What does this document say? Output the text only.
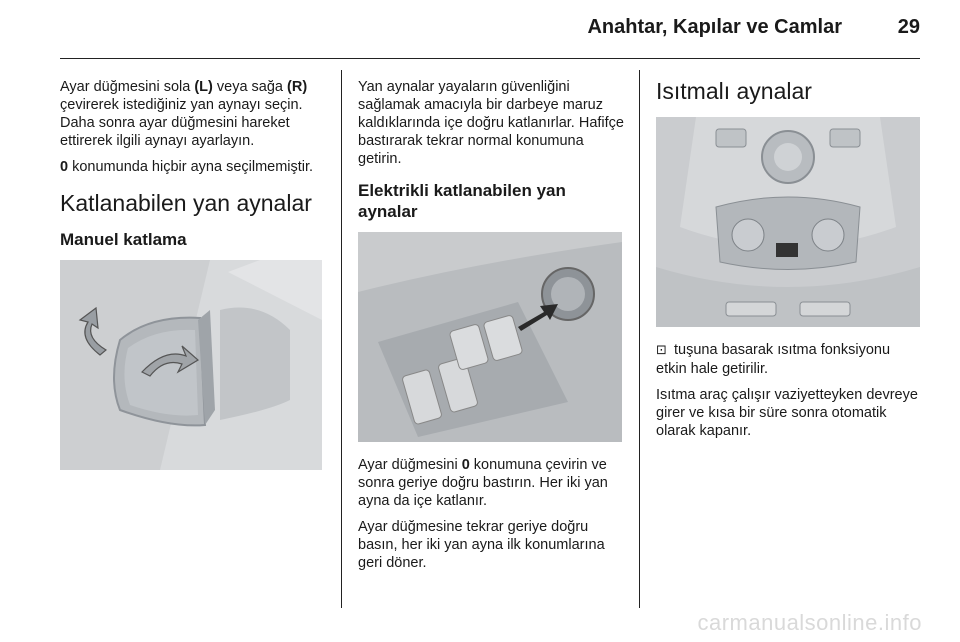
Anahtar, Kapılar ve Camlar	29

Ayar düğmesini sola (L) veya sağa (R) çevirerek istediğiniz yan aynayı seçin. Daha sonra ayar düğmesini hareket ettirerek ilgili aynayı ayarlayın.

0 konumunda hiçbir ayna seçilmemiştir.

Katlanabilen yan aynalar
Manuel katlama

Yan aynalar yayaların güvenliğini sağlamak amacıyla bir darbeye maruz kaldıklarında içe doğru katlanırlar. Hafifçe bastırarak tekrar normal konumuna getirin.

Elektrikli katlanabilen yan aynalar

Ayar düğmesini 0 konumuna çevirin ve sonra geriye doğru bastırın. Her iki yan ayna da içe katlanır.

Ayar düğmesine tekrar geriye doğru basın, her iki yan ayna ilk konumlarına geri döner.

Isıtmalı aynalar

⊡ tuşuna basarak ısıtma fonksiyonu etkin hale getirilir.

Isıtma araç çalışır vaziyetteyken devreye girer ve kısa bir süre sonra otomatik olarak kapanır.

carmanualsonline.info
